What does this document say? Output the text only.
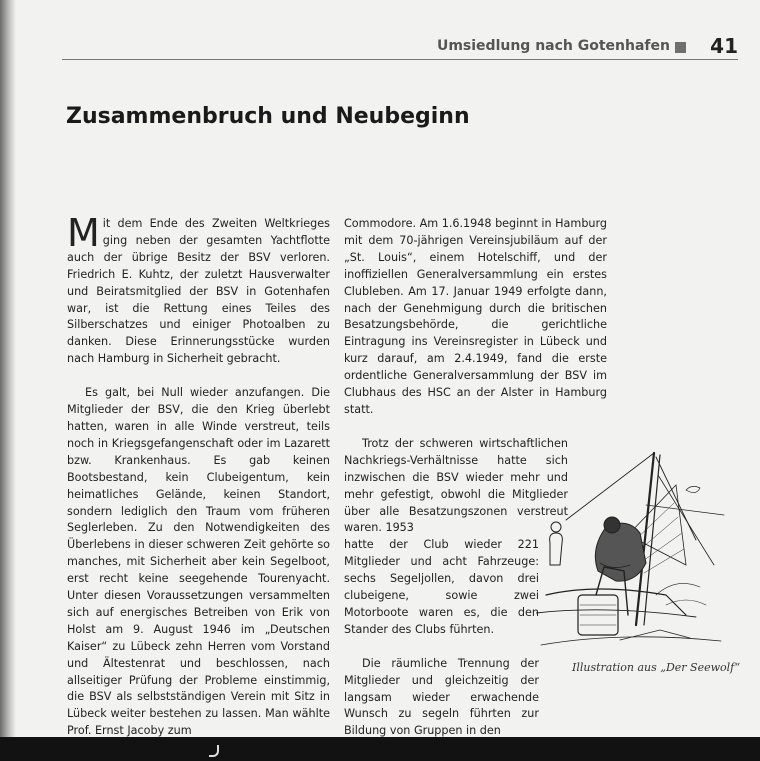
Umsiedlung nach Gotenhafen 41
Zusammenbruch und Neubeginn

Mit dem Ende des Zweiten Weltkrieges ging neben der gesamten Yachtflotte auch der übrige Besitz der BSV verloren. Friedrich E. Kuhtz, der zuletzt Hausverwalter und Beiratsmitglied der BSV in Gotenhafen war, ist die Rettung eines Teiles des Silberschatzes und einiger Photoalben zu danken. Diese Erinnerungsstücke wurden nach Hamburg in Sicherheit gebracht.

Es galt, bei Null wieder anzufangen. Die Mitglieder der BSV, die den Krieg überlebt hatten, waren in alle Winde verstreut, teils noch in Kriegsgefangenschaft oder im Lazarett bzw. Krankenhaus. Es gab keinen Bootsbestand, kein Clubeigentum, kein heimatliches Gelände, keinen Standort, sondern lediglich den Traum vom früheren Seglerleben. Zu den Notwendigkeiten des Überlebens in dieser schweren Zeit gehörte so manches, mit Sicherheit aber kein Segelboot, erst recht keine seegehende Tourenyacht. Unter diesen Voraussetzungen versammelten sich auf energisches Betreiben von Erik von Holst am 9. August 1946 im „Deutschen Kaiser“ zu Lübeck zehn Herren vom Vorstand und Ältestenrat und beschlossen, nach allseitiger Prüfung der Probleme einstimmig, die BSV als selbstständigen Verein mit Sitz in Lübeck weiter bestehen zu lassen. Man wählte Prof. Ernst Jacoby zum

Commodore. Am 1.6.1948 beginnt in Hamburg mit dem 70-jährigen Vereinsjubiläum auf der „St. Louis“, einem Hotelschiff, und der inoffiziellen Generalversammlung ein erstes Clubleben. Am 17. Januar 1949 erfolgte dann, nach der Genehmigung durch die britischen Besatzungsbehörde, die gerichtliche Eintragung ins Vereinsregister in Lübeck und kurz darauf, am 2.4.1949, fand die erste ordentliche Generalversammlung der BSV im Clubhaus des HSC an der Alster in Hamburg statt.

Trotz der schweren wirtschaftlichen Nachkriegs-Verhältnisse hatte sich inzwischen die BSV wieder mehr und mehr gefestigt, obwohl die Mitglieder über alle Besatzungszonen verstreut waren. 1953

hatte der Club wieder 221 Mitglieder und acht Fahrzeuge: sechs Segeljollen, davon drei clubeigene, sowie zwei Motorboote waren es, die den Stander des Clubs führten.

Die räumliche Trennung der Mitglieder und gleichzeitig der langsam wieder erwachende Wunsch zu segeln führten zur Bildung von Gruppen in den

Illustration aus „Der Seewolf“
